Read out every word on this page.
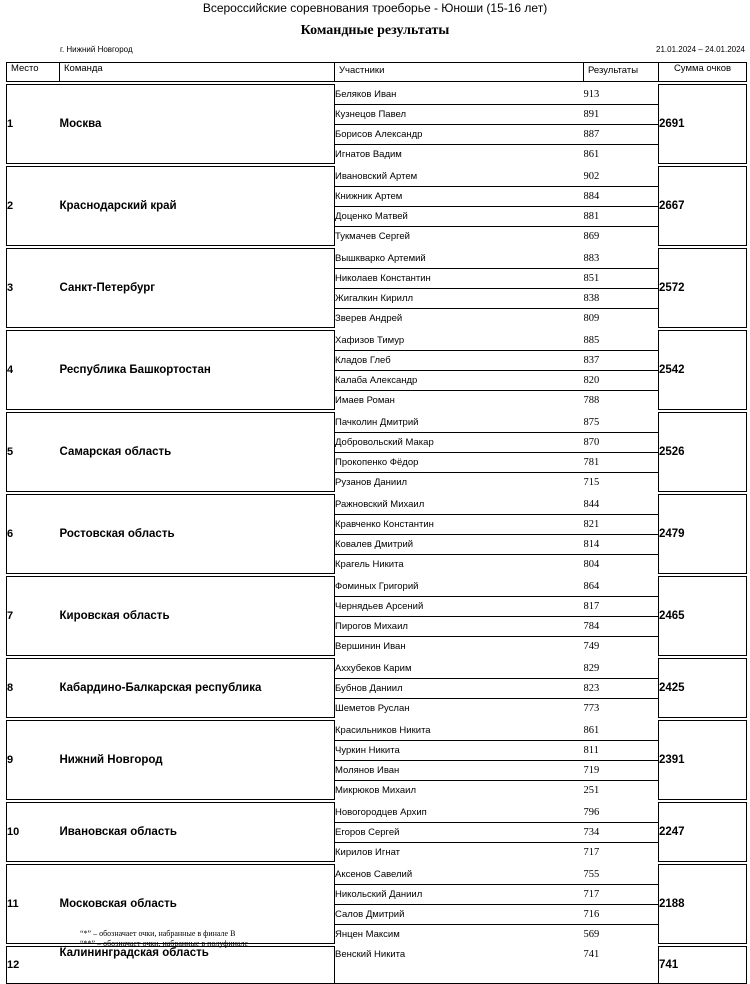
Всероссийские соревнования троеборье - Юноши (15-16 лет)
Командные результаты
г. Нижний Новгород	21.01.2024 – 24.01.2024
Место	Команда	Участники	Результаты	Сумма очков

1	Москва	Беляков Иван	913	2691
		Кузнецов Павел	891	
		Борисов Александр	887	
		Игнатов Вадим	861	

2	Краснодарский край	Ивановский Артем	902	2667
		Книжник Артем	884	
		Доценко Матвей	881	
		Тукмачев Сергей	869	

3	Санкт-Петербург	Вышкварко Артемий	883	2572
		Николаев Константин	851	
		Жигалкин Кирилл	838	
		Зверев Андрей	809	

4	Республика Башкортостан	Хафизов Тимур	885	2542
		Кладов Глеб	837	
		Калаба Александр	820	
		Имаев Роман	788	

5	Самарская область	Пачколин Дмитрий	875	2526
		Добровольский Макар	870	
		Прокопенко Фёдор	781	
		Рузанов Даниил	715	

6	Ростовская область	Ражновский Михаил	844	2479
		Кравченко Константин	821	
		Ковалев Дмитрий	814	
		Крагель Никита	804	

7	Кировская область	Фоминых Григорий	864	2465
		Чернядьев Арсений	817	
		Пирогов Михаил	784	
		Вершинин Иван	749	

8	Кабардино-Балкарская республика	Аххубеков Карим	829	2425
		Бубнов Даниил	823	
		Шеметов Руслан	773	

9	Нижний Новгород	Красильников Никита	861	2391
		Чуркин Никита	811	
		Молянов Иван	719	
		Микрюков Михаил	251	

10	Ивановская область	Новогородцев Архип	796	2247
		Егоров Сергей	734	
		Кирилов Игнат	717	

11	Московская область	Аксенов Савелий	755	2188
		Никольский Даниил	717	
		Салов Дмитрий	716	
		Янцен Максим	569	

12	Калининградская область	Венский Никита	741	741
“*” – обозначает очки, набранные в финале В
“**” – обозначает очки, набранные в полуфинале
